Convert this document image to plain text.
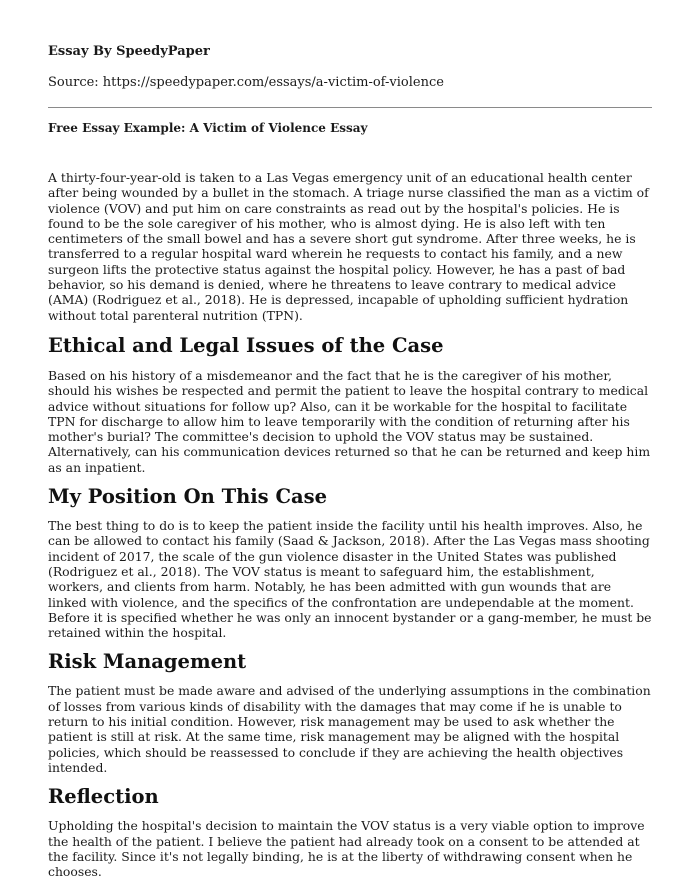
Essay By SpeedyPaper
Source: https://speedypaper.com/essays/a-victim-of-violence
Free Essay Example: A Victim of Violence Essay

A thirty-four-year-old is taken to a Las Vegas emergency unit of an educational health center after being wounded by a bullet in the stomach. A triage nurse classified the man as a victim of violence (VOV) and put him on care constraints as read out by the hospital's policies. He is found to be the sole caregiver of his mother, who is almost dying. He is also left with ten centimeters of the small bowel and has a severe short gut syndrome. After three weeks, he is transferred to a regular hospital ward wherein he requests to contact his family, and a new surgeon lifts the protective status against the hospital policy. However, he has a past of bad behavior, so his demand is denied, where he threatens to leave contrary to medical advice (AMA) (Rodriguez et al., 2018). He is depressed, incapable of upholding sufficient hydration without total parenteral nutrition (TPN).

Ethical and Legal Issues of the Case

Based on his history of a misdemeanor and the fact that he is the caregiver of his mother, should his wishes be respected and permit the patient to leave the hospital contrary to medical advice without situations for follow up? Also, can it be workable for the hospital to facilitate TPN for discharge to allow him to leave temporarily with the condition of returning after his mother's burial? The committee's decision to uphold the VOV status may be sustained. Alternatively, can his communication devices returned so that he can be returned and keep him as an inpatient.

My Position On This Case

The best thing to do is to keep the patient inside the facility until his health improves. Also, he can be allowed to contact his family (Saad & Jackson, 2018). After the Las Vegas mass shooting incident of 2017, the scale of the gun violence disaster in the United States was published (Rodriguez et al., 2018). The VOV status is meant to safeguard him, the establishment, workers, and clients from harm. Notably, he has been admitted with gun wounds that are linked with violence, and the specifics of the confrontation are undependable at the moment. Before it is specified whether he was only an innocent bystander or a gang-member, he must be retained within the hospital.

Risk Management

The patient must be made aware and advised of the underlying assumptions in the combination of losses from various kinds of disability with the damages that may come if he is unable to return to his initial condition. However, risk management may be used to ask whether the patient is still at risk. At the same time, risk management may be aligned with the hospital policies, which should be reassessed to conclude if they are achieving the health objectives intended.

Reflection

Upholding the hospital's decision to maintain the VOV status is a very viable option to improve the health of the patient. I believe the patient had already took on a consent to be attended at the facility. Since it's not legally binding, he is at the liberty of withdrawing consent when he chooses.
